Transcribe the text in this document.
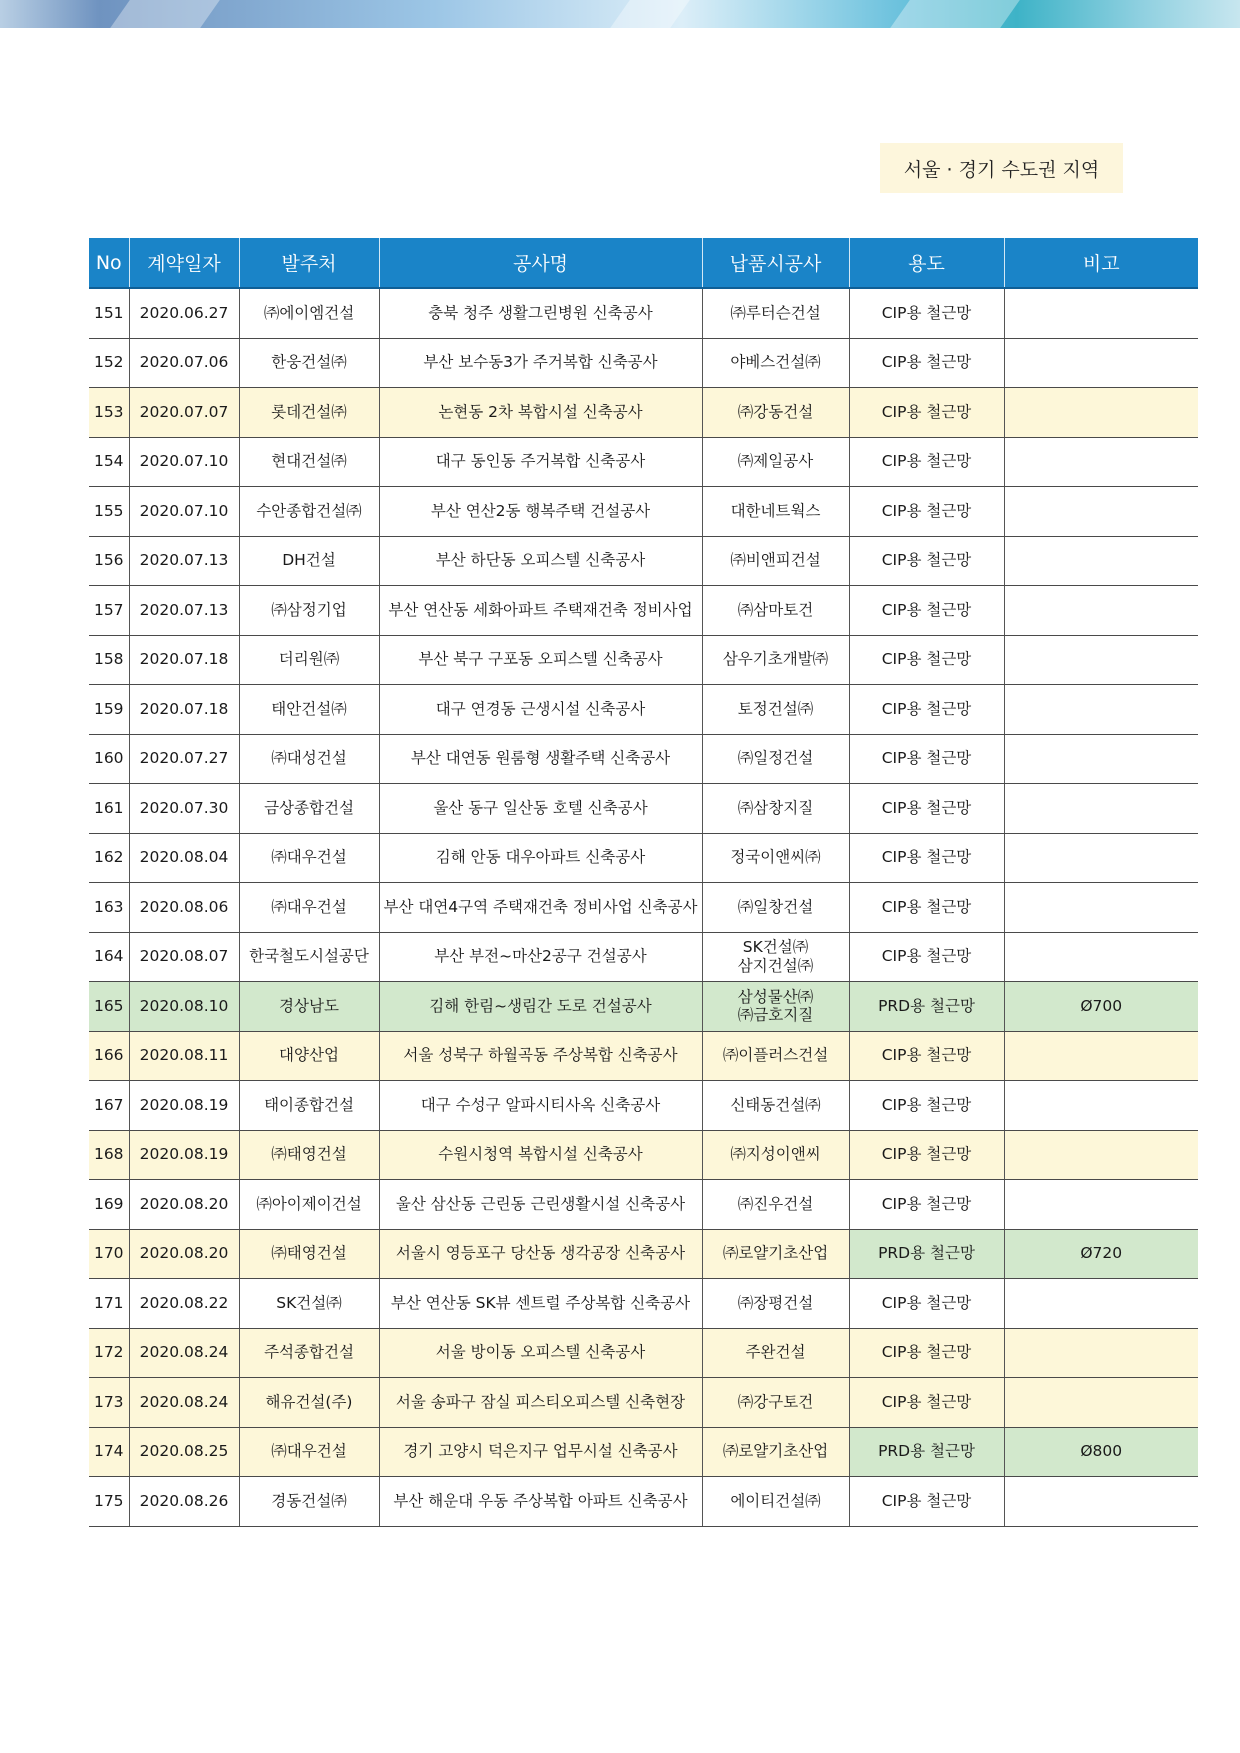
서울 · 경기 수도권 지역
No	계약일자	발주처	공사명	납품시공사	용도	비고
151	2020.06.27	㈜에이엠건설	충북 청주 생활그린병원 신축공사	㈜루터슨건설	CIP용 철근망	
152	2020.07.06	한웅건설㈜	부산 보수동3가 주거복합 신축공사	야베스건설㈜	CIP용 철근망	
153	2020.07.07	롯데건설㈜	논현동 2차 복합시설 신축공사	㈜강동건설	CIP용 철근망	
154	2020.07.10	현대건설㈜	대구 동인동 주거복합 신축공사	㈜제일공사	CIP용 철근망	
155	2020.07.10	수안종합건설㈜	부산 연산2동 행복주택 건설공사	대한네트웍스	CIP용 철근망	
156	2020.07.13	DH건설	부산 하단동 오피스텔 신축공사	㈜비앤피건설	CIP용 철근망	
157	2020.07.13	㈜삼정기업	부산 연산동 세화아파트 주택재건축 정비사업	㈜삼마토건	CIP용 철근망	
158	2020.07.18	더리원㈜	부산 북구 구포동 오피스텔 신축공사	삼우기초개발㈜	CIP용 철근망	
159	2020.07.18	태안건설㈜	대구 연경동 근생시설 신축공사	토정건설㈜	CIP용 철근망	
160	2020.07.27	㈜대성건설	부산 대연동 원룸형 생활주택 신축공사	㈜일정건설	CIP용 철근망	
161	2020.07.30	금상종합건설	울산 동구 일산동 호텔 신축공사	㈜삼창지질	CIP용 철근망	
162	2020.08.04	㈜대우건설	김해 안동 대우아파트 신축공사	정국이앤씨㈜	CIP용 철근망	
163	2020.08.06	㈜대우건설	부산 대연4구역 주택재건축 정비사업 신축공사	㈜일창건설	CIP용 철근망	
164	2020.08.07	한국철도시설공단	부산 부전~마산2공구 건설공사	SK건설㈜
삼지건설㈜	CIP용 철근망	
165	2020.08.10	경상남도	김해 한림~생림간 도로 건설공사	삼성물산㈜
㈜금호지질	PRD용 철근망	Ø700
166	2020.08.11	대양산업	서울 성북구 하월곡동 주상복합 신축공사	㈜이플러스건설	CIP용 철근망	
167	2020.08.19	태이종합건설	대구 수성구 알파시티사옥 신축공사	신태동건설㈜	CIP용 철근망	
168	2020.08.19	㈜태영건설	수원시청역 복합시설 신축공사	㈜지성이앤씨	CIP용 철근망	
169	2020.08.20	㈜아이제이건설	울산 삼산동 근린동 근린생활시설 신축공사	㈜진우건설	CIP용 철근망	
170	2020.08.20	㈜태영건설	서울시 영등포구 당산동 생각공장 신축공사	㈜로얄기초산업	PRD용 철근망	Ø720
171	2020.08.22	SK건설㈜	부산 연산동 SK뷰 센트럴 주상복합 신축공사	㈜장평건설	CIP용 철근망	
172	2020.08.24	주석종합건설	서울 방이동 오피스텔 신축공사	주완건설	CIP용 철근망	
173	2020.08.24	해유건설(주)	서울 송파구 잠실 피스티오피스텔 신축현장	㈜강구토건	CIP용 철근망	
174	2020.08.25	㈜대우건설	경기 고양시 덕은지구 업무시설 신축공사	㈜로얄기초산업	PRD용 철근망	Ø800
175	2020.08.26	경동건설㈜	부산 해운대 우동 주상복합 아파트 신축공사	에이티건설㈜	CIP용 철근망	
